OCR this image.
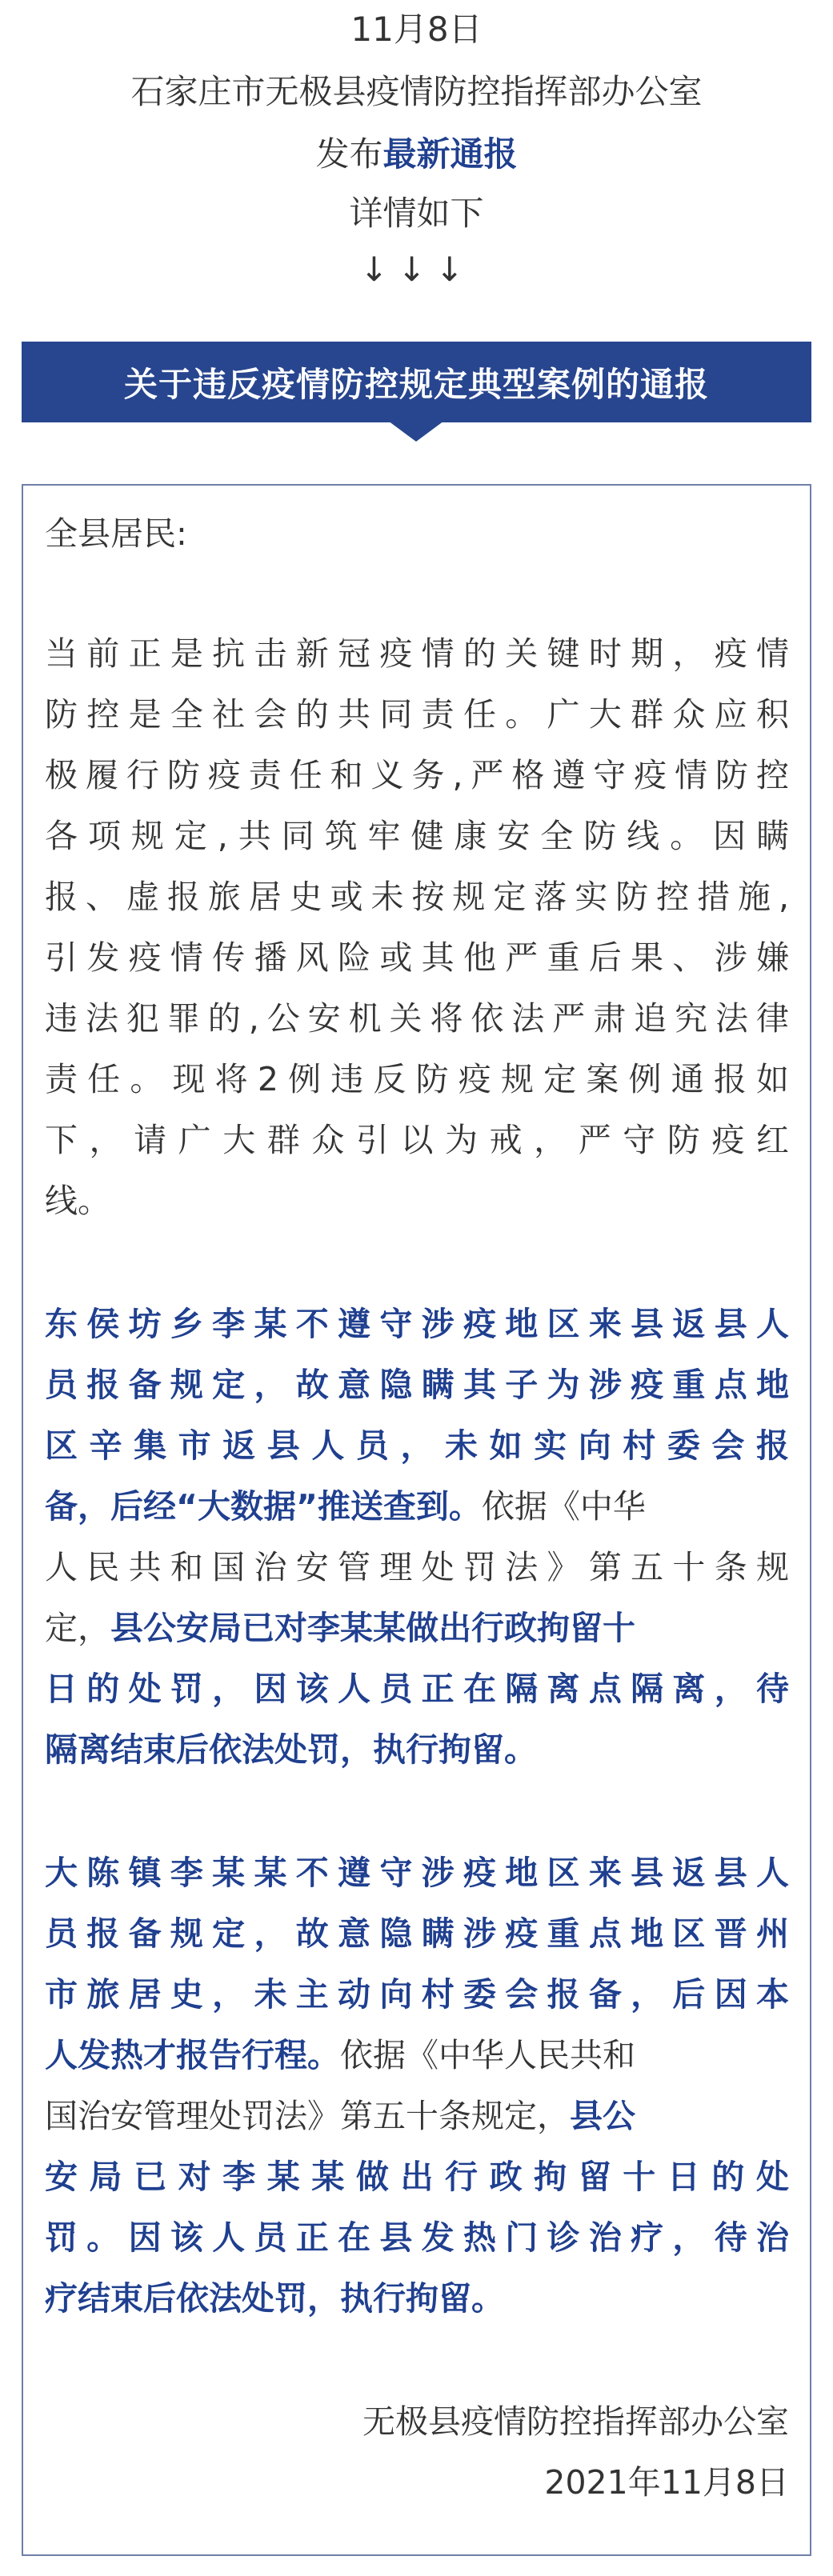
11月8日
石家庄市无极县疫情防控指挥部办公室
发布最新通报
详情如下
↓↓↓
关于违反疫情防控规定典型案例的通报
全县居民:
当前正是抗击新冠疫情的关键时期，疫情
防控是全社会的共同责任。广大群众应积
极履行防疫责任和义务,严格遵守疫情防控
各项规定,共同筑牢健康安全防线。因瞒
报、虚报旅居史或未按规定落实防控措施,
引发疫情传播风险或其他严重后果、涉嫌
违法犯罪的,公安机关将依法严肃追究法律
责任。现将2例违反防疫规定案例通报如
下，请广大群众引以为戒，严守防疫红
线。
东侯坊乡李某不遵守涉疫地区来县返县人
员报备规定，故意隐瞒其子为涉疫重点地
区辛集市返县人员，未如实向村委会报
备，后经“大数据”推送查到。依据《中华
人民共和国治安管理处罚法》第五十条规
定，县公安局已对李某某做出行政拘留十
日的处罚，因该人员正在隔离点隔离，待
隔离结束后依法处罚，执行拘留。
大陈镇李某某不遵守涉疫地区来县返县人
员报备规定，故意隐瞒涉疫重点地区晋州
市旅居史，未主动向村委会报备，后因本
人发热才报告行程。依据《中华人民共和
国治安管理处罚法》第五十条规定，县公
安局已对李某某做出行政拘留十日的处
罚。因该人员正在县发热门诊治疗，待治
疗结束后依法处罚，执行拘留。
无极县疫情防控指挥部办公室
2021年11月8日
